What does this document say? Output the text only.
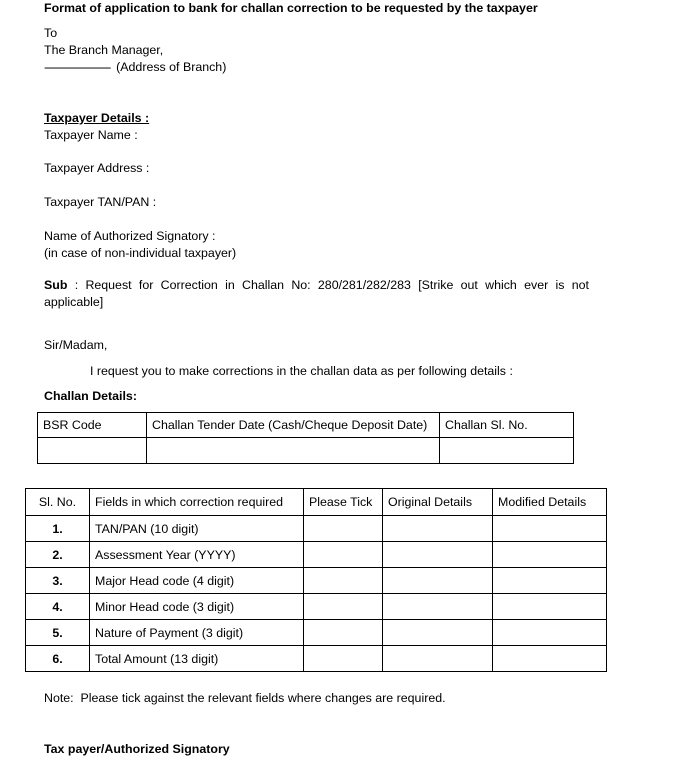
Format of application to bank for challan correction to be requested by the taxpayer
To
The Branch Manager,
-------------------------- (Address of Branch)
Taxpayer Details :
Taxpayer Name :
Taxpayer Address :
Taxpayer TAN/PAN :
Name of Authorized Signatory :
(in case of non-individual taxpayer)
Sub : Request for Correction in Challan No: 280/281/282/283 [Strike out which ever is not applicable]
Sir/Madam,
I request you to make corrections in the challan data as per following details :
Challan Details:
BSR Code	Challan Tender Date (Cash/Cheque Deposit Date)	Challan Sl. No.

Sl. No.	Fields in which correction required	Please Tick	Original Details	Modified Details
1.	TAN/PAN (10 digit)			
2.	Assessment Year (YYYY)			
3.	Major Head code (4 digit)			
4.	Minor Head code (3 digit)			
5.	Nature of Payment (3 digit)			
6.	Total Amount (13 digit)			
Note:  Please tick against the relevant fields where changes are required.
Tax payer/Authorized Signatory
